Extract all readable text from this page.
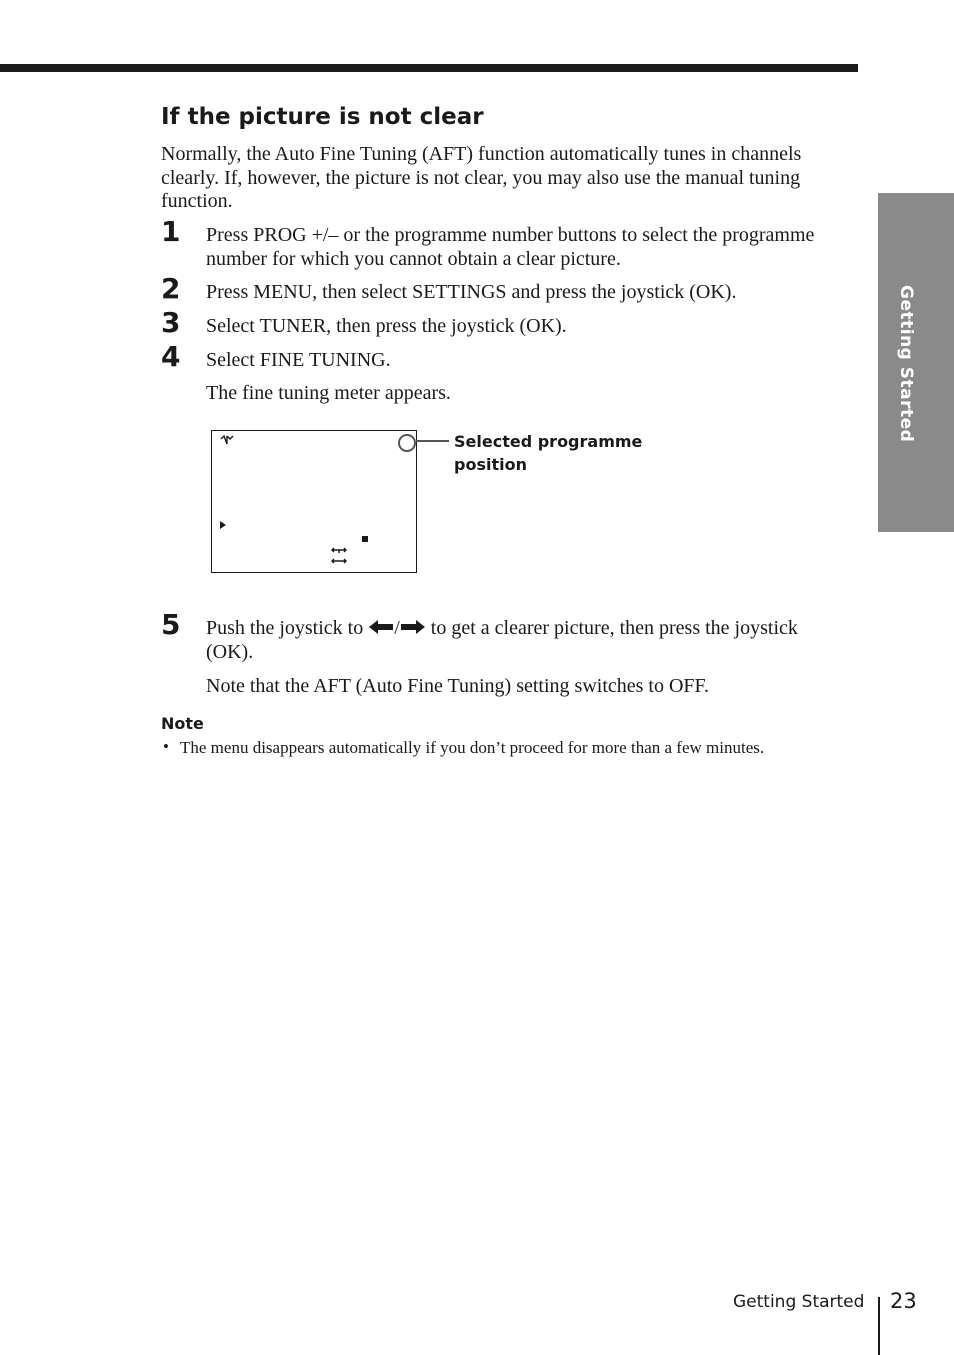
Getting Started
If the picture is not clear

Normally, the Auto Fine Tuning (AFT) function automatically tunes in channels clearly. If, however, the picture is not clear, you may also use the manual tuning function.

1 Press PROG +/– or the programme number buttons to select the programme number for which you cannot obtain a clear picture.

2 Press MENU, then select SETTINGS and press the joystick (OK).

3 Select TUNER, then press the joystick (OK).

4 Select FINE TUNING.

The fine tuning meter appears.

Selected programme position
5 Push the joystick to / to get a clearer picture, then press the joystick (OK).

Note that the AFT (Auto Fine Tuning) setting switches to OFF.

Note
• The menu disappears automatically if you don’t proceed for more than a few minutes.

Getting Started 23
